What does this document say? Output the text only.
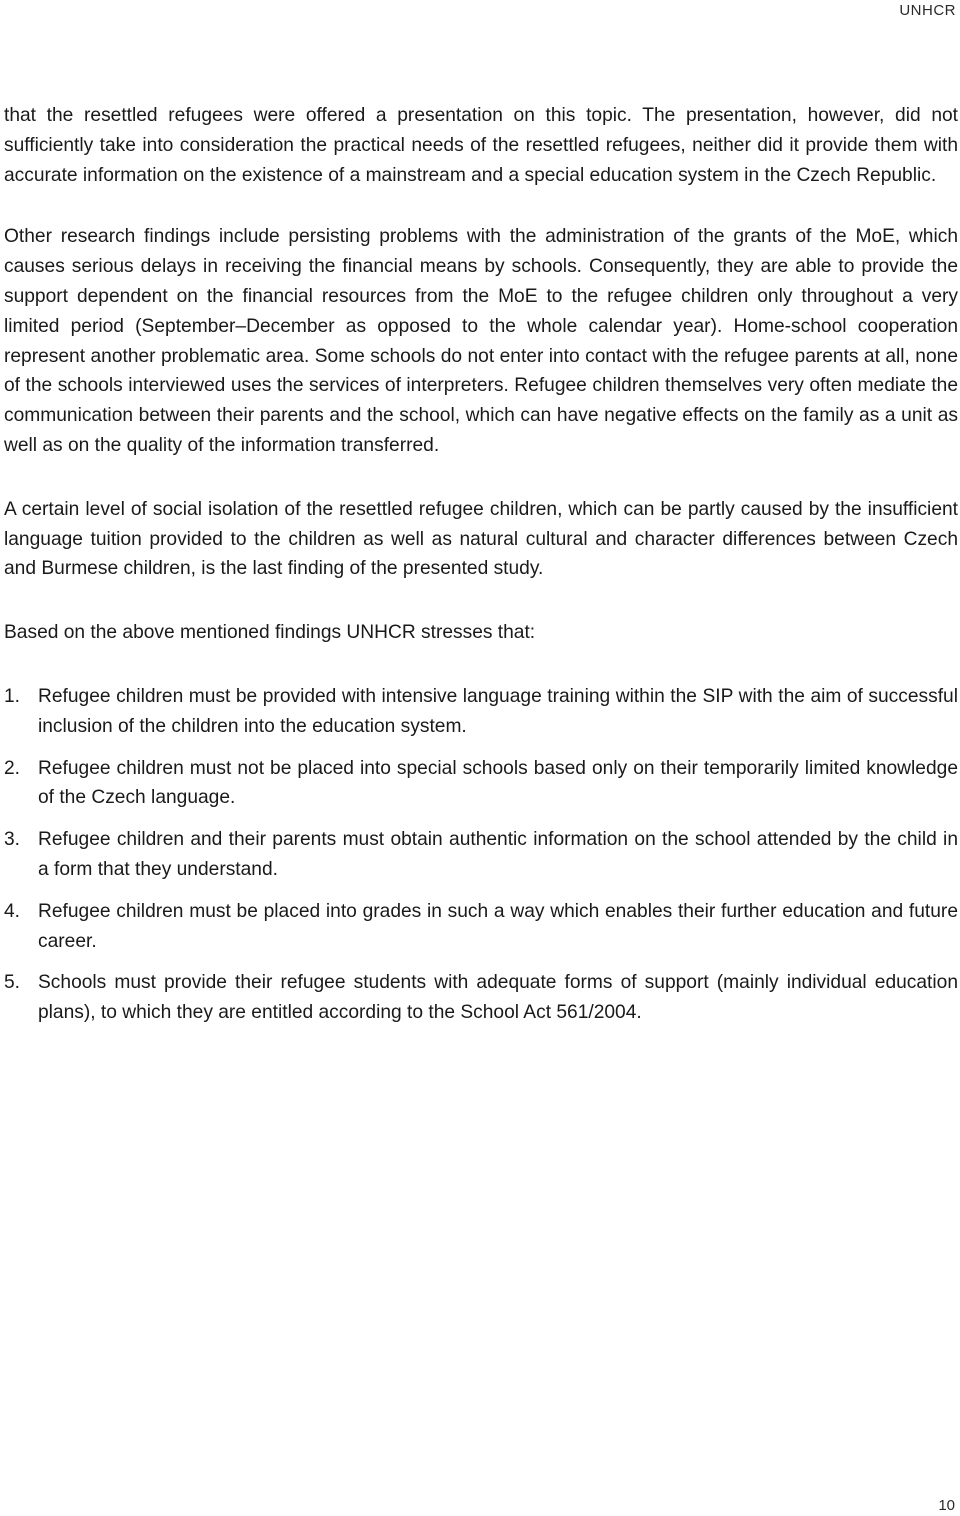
UNHCR

that the resettled refugees were offered a presentation on this topic. The presentation, however, did not sufficiently take into consideration the practical needs of the resettled refugees, neither did it provide them with accurate information on the existence of a mainstream and a special education system in the Czech Republic.

Other research findings include persisting problems with the administration of the grants of the MoE, which causes serious delays in receiving the financial means by schools. Consequently, they are able to provide the support dependent on the financial resources from the MoE to the refugee children only throughout a very limited period (September–December as opposed to the whole calendar year). Home-school cooperation represent another problematic area. Some schools do not enter into contact with the refugee parents at all, none of the schools interviewed uses the services of interpreters. Refugee children themselves very often mediate the communication between their parents and the school, which can have negative effects on the family as a unit as well as on the quality of the information transferred.

A certain level of social isolation of the resettled refugee children, which can be partly caused by the insufficient language tuition provided to the children as well as natural cultural and character differences between Czech and Burmese children, is the last finding of the presented study.

Based on the above mentioned findings UNHCR stresses that:

1. Refugee children must be provided with intensive language training within the SIP with the aim of successful inclusion of the children into the education system.
2. Refugee children must not be placed into special schools based only on their temporarily limited knowledge of the Czech language.
3. Refugee children and their parents must obtain authentic information on the school attended by the child in a form that they understand.
4. Refugee children must be placed into grades in such a way which enables their further education and future career.
5. Schools must provide their refugee students with adequate forms of support (mainly individual education plans), to which they are entitled according to the School Act 561/2004.
10
